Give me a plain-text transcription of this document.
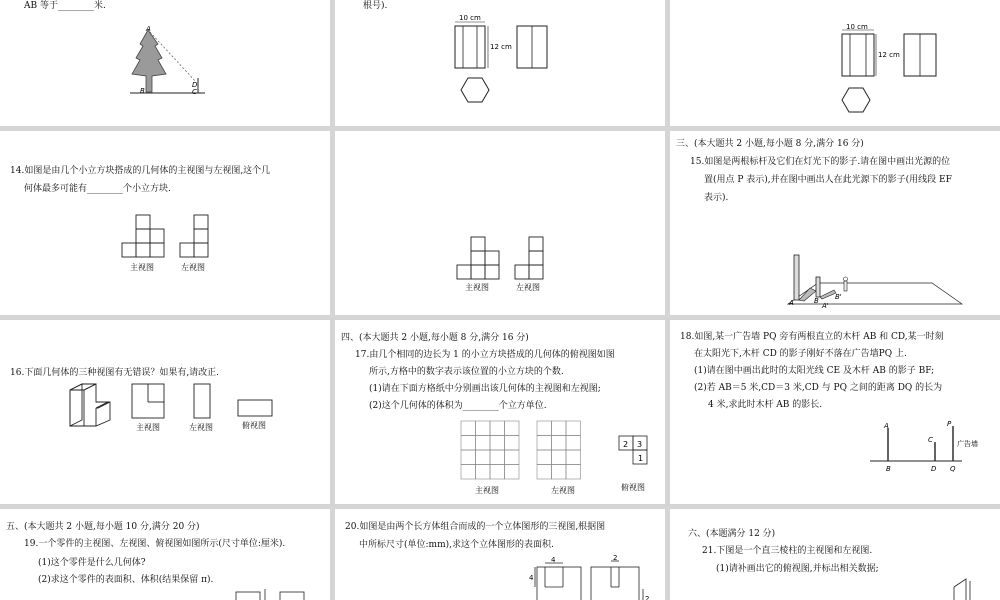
AB 等于________米.
A
B
D
C
根号).
10 cm
12 cm
10 cm
12 cm
14.如图是由几个小立方块搭成的几何体的主视图与左视图,这个几
何体最多可能有________个小立方块.
主视图	左视图
主视图	左视图
三、(本大题共 2 小题,每小题 8 分,满分 16 分)
15.如图是两根标杆及它们在灯光下的影子.请在图中画出光源的位
置(用点 P 表示),并在图中画出人在此光源下的影子(用线段 EF
表示).
A	A'
B B'
16.下面几何体的三种视图有无错误？如果有,请改正.
主视图	左视图	俯视图
四、(本大题共 2 小题,每小题 8 分,满分 16 分)
17.由几个相同的边长为 1 的小立方块搭成的几何体的俯视图如图
所示,方格中的数字表示该位置的小立方块的个数.
(1)请在下面方格纸中分别画出该几何体的主视图和左视图;
(2)这个几何体的体积为________个立方单位.
2 3
1
主视图	左视图	俯视图
18.如图,某一广告墙 PQ 旁有两根直立的木杆 AB 和 CD,某一时刻
在太阳光下,木杆 CD 的影子刚好不落在广告墙PQ 上.
(1)请在图中画出此时的太阳光线 CE 及木杆 AB 的影子 BF;
(2)若 AB＝5 米,CD＝3 米,CD 与 PQ 之间的距离 DQ 的长为
4 米,求此时木杆 AB 的影长.
A
B
C
D
P
Q
广告墙
五、(本大题共 2 小题,每小题 10 分,满分 20 分)
19.一个零件的主视图、左视图、俯视图如图所示(尺寸单位:厘米).
(1)这个零件是什么几何体?
(2)求这个零件的表面积、体积(结果保留 π).
20.如图是由两个长方体组合而成的一个立体图形的三视图,根据图
中所标尺寸(单位:mm),求这个立体图形的表面积.
4	2
4
2
六、(本题满分 12 分)
21.下图是一个直三棱柱的主视图和左视图.
(1)请补画出它的俯视图,并标出相关数据;
